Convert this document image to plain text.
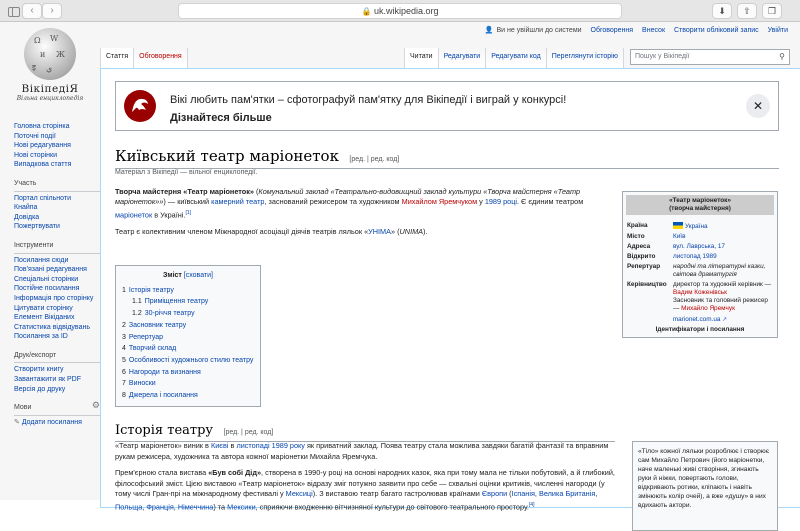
‹	›	🔒 uk.wikipedia.org	⬇	⇪	❐
Ω W
и Ж
ي
इ
ВікіпедіЯ
Вільна енциклопедія
👤 Ви не увійшли до системи Обговорення Внесок Створити обліковий запис Увійти
Головна сторінка
Поточні події
Нові редагування
Нові сторінки
Випадкова стаття
Участь
Портал спільноти
Кнайпа
Довідка
Пожертвувати
Інструменти
Посилання сюди
Пов'язані редагування
Спеціальні сторінки
Постійне посилання
Інформація про сторінку
Цитувати сторінку
Елемент Вікіданих
Статистика відвідувань
Посилання за ID
Друк/експорт
Створити книгу
Завантажити як PDF
Версія до друку
Мови	⚙
✎ Додати посилання
Стаття	Обговорення	Читати	Редагувати	Редагувати код	Переглянути історію	Пошук у Вікіпедії	⚲
Вікі любить пам'ятки – сфотографуй пам'ятку для Вікіпедії і виграй у конкурсі!
Дізнайтеся більше
✕
Київський театр маріонеток [ред. | ред. код]
Матеріал з Вікіпедії — вільної енциклопедії.

Творча майстерня «Театр маріонеток» (Комунальний заклад «Театрально-видовищний заклад культури «Творча майстерня «Театр маріонеток»») — київський камерний театр, заснований режисером та художником Михайлом Яремчуком у 1989 році. Є єдиним театром маріонеток в Україні.[1]

Театр є колективним членом Міжнародної асоціації діячів театрів ляльок «УНІМА» (UNIMA).

«Театр маріонеток»
(творча майстерня)
Країна	Україна
Місто	Київ
Адреса	вул. Лаврська, 17
Відкрито	листопад 1989
Репертуар	народні та літературні казки, світова драматургія
Керівництво	директор та художній керівник — Вадим Коженівськ
Засновник та головний режисер — Михайло Яремчук
marionet.com.ua ↗
Ідентифікатори і посилання
Зміст [сховати]
1 Історія театру
1.1 Приміщення театру
1.2 30-річчя театру
2 Засновник театру
3 Репертуар
4 Творчий склад
5 Особливості художнього стилю театру
6 Нагороди та визнання
7 Виноски
8 Джерела і посилання
Історія театру [ред. | ред. код]

«Театр маріонеток» виник в Києві в листопаді 1989 року як приватний заклад. Поява театру стала можлива завдяки багатій фантазії та вправним рукам режисера, художника та автора кожної маріонетки Михайла Яремчука.

Прем'єрною стала вистава «Був собі Дід», створена в 1990-у році на основі народних казок, яка при тому мала не тільки побутовий, а й глибокий, філософський зміст. Цією виставою «Театр маріонеток» відразу зміг потужно заявити про себе — схвальні оцінки критиків, численні нагороди (у тому числі Гран-прі на міжнародному фестивалі у Мексиці). З виставою театр багато гастролював країнами Європи (Іспанія, Велика Британія, Польща, Франція, Німеччина) та Мексики, сприяючи входженню вітчизняної культури до світового театрального простору.[4]

«Тіло» кожної ляльки розроблює і створює сам Михайло Петрович (його маріонетки, наче маленькі живі створіння, згинають руки й ніжки, повертають голови, відкривають ротики, кліпають і навіть змінюють колір очей), а вже «душу» в них вдихають актори.
